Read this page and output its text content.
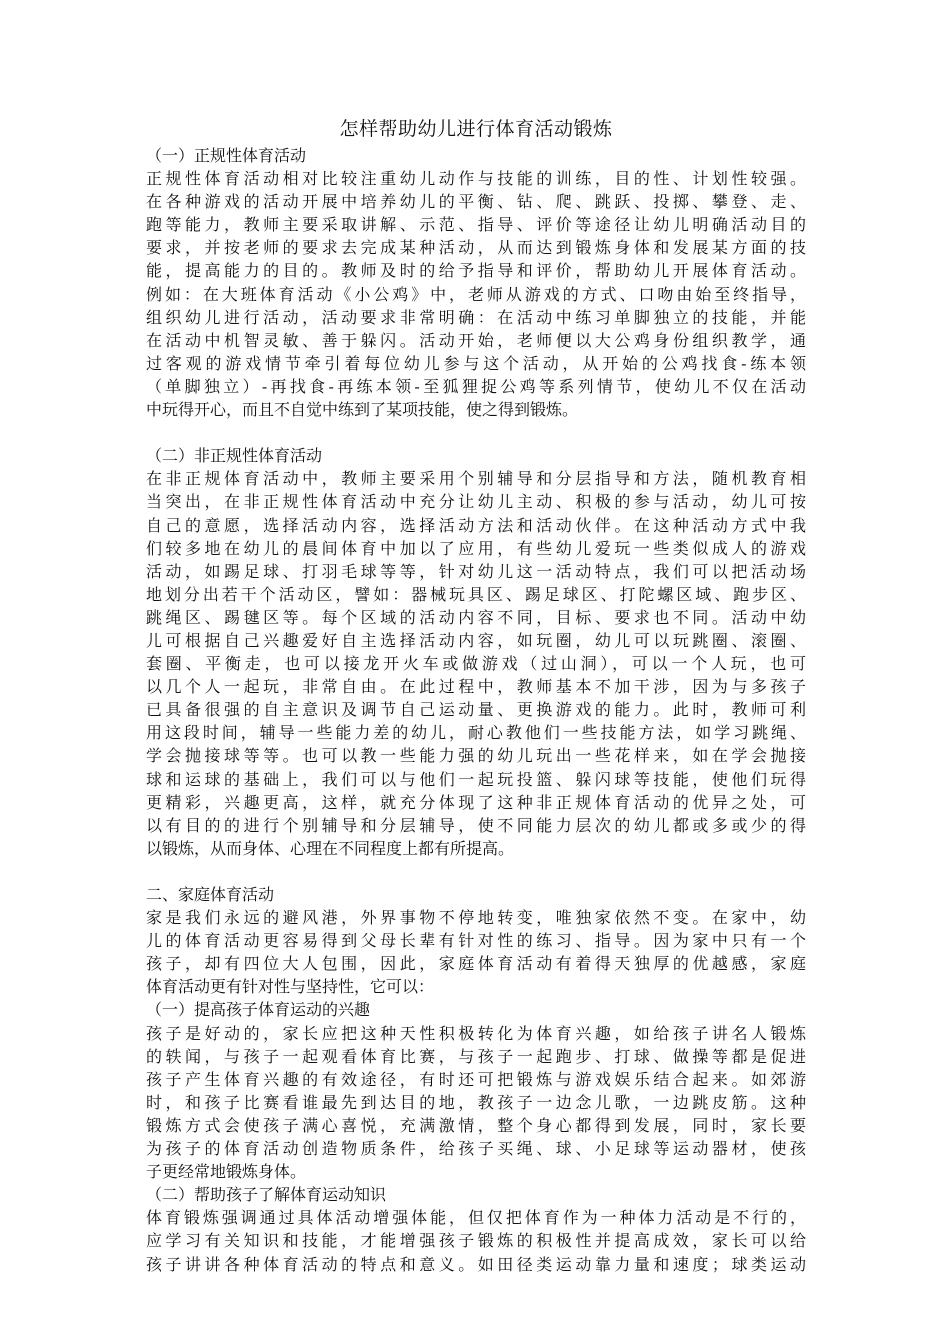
怎样帮助幼儿进行体育活动锻炼
（一）正规性体育活动
正规性体育活动相对比较注重幼儿动作与技能的训练，目的性、计划性较强。
在各种游戏的活动开展中培养幼儿的平衡、钻、爬、跳跃、投掷、攀登、走、
跑等能力，教师主要采取讲解、示范、指导、评价等途径让幼儿明确活动目的
要求，并按老师的要求去完成某种活动，从而达到锻炼身体和发展某方面的技
能，提高能力的目的。教师及时的给予指导和评价，帮助幼儿开展体育活动。
例如：在大班体育活动《小公鸡》中，老师从游戏的方式、口吻由始至终指导，
组织幼儿进行活动，活动要求非常明确：在活动中练习单脚独立的技能，并能
在活动中机智灵敏、善于躲闪。活动开始，老师便以大公鸡身份组织教学，通
过客观的游戏情节牵引着每位幼儿参与这个活动，从开始的公鸡找食-练本领
（单脚独立）-再找食-再练本领-至狐狸捉公鸡等系列情节，使幼儿不仅在活动
中玩得开心，而且不自觉中练到了某项技能，使之得到锻炼。
（二）非正规性体育活动
在非正规体育活动中，教师主要采用个别辅导和分层指导和方法，随机教育相
当突出，在非正规性体育活动中充分让幼儿主动、积极的参与活动，幼儿可按
自己的意愿，选择活动内容，选择活动方法和活动伙伴。在这种活动方式中我
们较多地在幼儿的晨间体育中加以了应用，有些幼儿爱玩一些类似成人的游戏
活动，如踢足球、打羽毛球等等，针对幼儿这一活动特点，我们可以把活动场
地划分出若干个活动区，譬如：器械玩具区、踢足球区、打陀螺区域、跑步区、
跳绳区、踢毽区等。每个区域的活动内容不同，目标、要求也不同。活动中幼
儿可根据自己兴趣爱好自主选择活动内容，如玩圈，幼儿可以玩跳圈、滚圈、
套圈、平衡走，也可以接龙开火车或做游戏（过山洞），可以一个人玩，也可
以几个人一起玩，非常自由。在此过程中，教师基本不加干涉，因为与多孩子
已具备很强的自主意识及调节自己运动量、更换游戏的能力。此时，教师可利
用这段时间，辅导一些能力差的幼儿，耐心教他们一些技能方法，如学习跳绳、
学会抛接球等等。也可以教一些能力强的幼儿玩出一些花样来，如在学会抛接
球和运球的基础上，我们可以与他们一起玩投篮、躲闪球等技能，使他们玩得
更精彩，兴趣更高，这样，就充分体现了这种非正规体育活动的优异之处，可
以有目的的进行个别辅导和分层辅导，使不同能力层次的幼儿都或多或少的得
以锻炼，从而身体、心理在不同程度上都有所提高。
二、家庭体育活动
家是我们永远的避风港，外界事物不停地转变，唯独家依然不变。在家中，幼
儿的体育活动更容易得到父母长辈有针对性的练习、指导。因为家中只有一个
孩子，却有四位大人包围，因此，家庭体育活动有着得天独厚的优越感，家庭
体育活动更有针对性与坚持性，它可以：
（一）提高孩子体育运动的兴趣
孩子是好动的，家长应把这种天性积极转化为体育兴趣，如给孩子讲名人锻炼
的轶闻，与孩子一起观看体育比赛，与孩子一起跑步、打球、做操等都是促进
孩子产生体育兴趣的有效途径，有时还可把锻炼与游戏娱乐结合起来。如郊游
时，和孩子比赛看谁最先到达目的地，教孩子一边念儿歌，一边跳皮筋。这种
锻炼方式会使孩子满心喜悦，充满激情，整个身心都得到发展，同时，家长要
为孩子的体育活动创造物质条件，给孩子买绳、球、小足球等运动器材，使孩
子更经常地锻炼身体。
（二）帮助孩子了解体育运动知识
体育锻炼强调通过具体活动增强体能，但仅把体育作为一种体力活动是不行的，
应学习有关知识和技能，才能增强孩子锻炼的积极性并提高成效，家长可以给
孩子讲讲各种体育活动的特点和意义。如田径类运动靠力量和速度；球类运动
